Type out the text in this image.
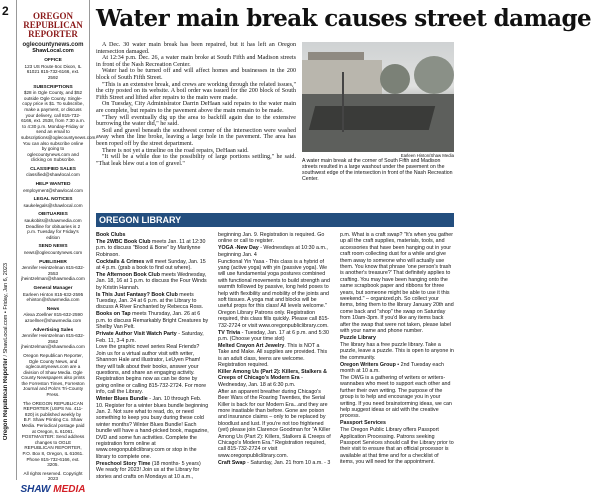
2
Oregon Republican Reporter / ShawLocal.com • Friday, Jan 6, 2023
OREGON REPUBLICAN REPORTER
oglecountynews.com
ShawLocal.com
OFFICE
123 US Route 6oc Dixon, IL 61021 815-732-6166, ext. 2592
SUBSCRIPTIONS
$28 in Ogle County, and $52 outside Ogle County. Single-copy price is $1. To subscribe, make a payment, or discuss your delivery, call 815-732-6166, ext. 2538, from 7:30 a.m. to 4:30 p.m. Monday-Friday or send an email to subscriptions@oglecountynews.com. You can also subscribe online by going to oglecountynews.com and clicking on Subscribe.
CLASSIFIED SALES
classified@shawlocal.com
HELP WANTED
employment@shawlocal.com
LEGAL NOTICES
saukelegals@shawlocal.com
OBITUARIES
saukobits@shawmedia.com Deadline for obituaries is 2 p.m. Tuesday for Friday's edition
SEND NEWS
news@oglecountynews.com
PUBLISHER
Jennifer Heintzelman 815-632-2553 jheintzelman@shawmedia.com
General Manager
Earleen Hinton 815-632-2595 ehinton@shawmedia.com
News
Alexa Zoellner 815-632-2590 azoellner@shawmedia.com
Advertising Sales
Jennifer Heintzelman 815-632-2562 jheintzelman@shawmedia.com
Oregon Republican Reporter, Ogle County News, and oglecountynews.com are a division of Shaw Media. Ogle County Newspapers also prints the Forreston Times, Forreston Journal and Polo's Tri-County Press.
The OREGON REPUBLICAN REPORTER (USPS No. 411-820) is published weekly by B.F. Shaw Printing Co. Shaw Media. Periodical postage paid at Oregon, IL 61061. POSTMASTER: Send address changes to OGLE REPUBLICAN REPORTER, P.O. Box 8, Oregon, IL 61061. Phone 815-732-6166, ext. 3205.
All rights reserved. Copyright 2023
SHAW MEDIA
Water main break causes street damage

A Dec. 30 water main break has been repaired, but it has left an Oregon intersection damaged.

At 12:34 p.m. Dec. 26, a water main broke at South Fifth and Madison streets in front of the Nash Recreation Center.

Water had to be turned off and will affect homes and businesses in the 200 block of South Fifth Street.

"This is an extensive break, and crews are working through the related issues," the city posted on its website. A boil order was issued for the 200 block of South Fifth Street and lifted after repairs to the main were made.

On Tuesday, City Administrator Darrin DeHaan said repairs to the water main are complete, but repairs to the pavement above the main remain to be made.

"They will eventually dig up the area to backfill again due to the extensive burrowing the water did," he said.

Soil and gravel beneath the southwest corner of the intersection were washed away when the line broke, leaving a large hole in the pavement. The area has been roped off by the street department.

There is not yet a timeline on the road repairs, DeHaan said.

"It will be a while due to the possibility of large portions settling," he said. "That leak blew out a ton of gravel."

Earleen Hinton/Shaw Media
A water main break at the corner of South Fifth and Madison streets resulted in a large washout under the pavement on the southwest edge of the intersection in front of the Nash Recreation Center.
OREGON LIBRARY

Book Clubs

The 2WBC Book Club meets Jan. 11 at 12:30 p.m. to discuss "Blood & Bone" by Marilynne Robinson.

Cocktails & Crimes will meet Sunday, Jan. 15 at 4 p.m. (grab a book to find out where).

The Afternoon Book Club meets Wednesday, Jan. 18, 16 at 1 p.m. to discuss the Four Winds by Kristin Hannah.

Is This Just Fantasy? Book Club meets Tuesday, Jan. 24 at 6 p.m. at the Library to discuss A River Enchanted by Rebecca Ross.

Books on Tap meets Thursday, Jan. 26 at 6 p.m. to discuss Remarkably Bright Creatures by Shelby Van Pelt.

Private Author Visit Watch Party - Saturday, Feb. 11, 3-4 p.m.

Love the graphic novel series Real Friends? Join us for a virtual author visit with writer, Shannon Hale and illustrator, LeUyen Pham! they will talk about their books, answer your questions, and share an engaging activity. Registration begins now as can be done by going online or calling 815-732-2724. For more info, call the Library.

Winter Blues Bundle - Jan. 10 through Feb. 10. Register for a winter blues bundle beginning Jan. 2. Not sure what to read, do, or need something to keep you busy during these cold winter months? Winter Blues Bundle! Each bundle will have a hand-picked book, magazine, DVD and some fun activities. Complete the registration form online at www.oregonpubliclibrary.com or stop in the library to complete one.

Preschool Story Time (18 months- 5 years) We ready for 2023! Join us at the Library for stories and crafts on Mondays at 10 a.m.,

beginning Jan. 9. Registration is required. Go online or call to register.

YOGA -New Day - Wednesdays at 10:30 a.m., beginning Jan. 4

Functional Yin Yasa - This class is a hybrid of yang (active yoga) with yin (passive yoga). We will use fundamental yoga postures combined with functional movements to build strength and warmth followed by passive, long held poses to help with flexibility and mobility of the joints and soft tissues. A yoga mat and blocks will be useful props for this class! All levels welcome." Oregon Library Patrons only. Registration required, this class fills quickly. Please call 815-732-2724 or visit www.oregonpubliclibrary.com.

TV Trivia - Tuesday, Jan. 17 at 6 p.m. and 5:30 p.m. (Choose your time slot)

Melted Crayon Art Jewelry. This is NOT a Take and Make. All supplies are provided. This is an adult class, teens are welcome. Registration required.

Killer Among Us (Part 2): Killers, Stalkers & Creeps of Chicago's Modern Era - Wednesday, Jan. 18 at 6:30 p.m.

After an apparent breather during Chicago's Beer Wars of the Roaring Twenties, the Serial Killer is back for our Modern Era...and they are more insatiable than before. Gone are poison and insurance claims – only to be replaced by bloodlust and lust. If you're not too frightened (yet) please join Clarence Goodman for "A Killer Among Us (Part 2): Killers, Stalkers & Creeps of Chicago's Modern Era." Registration required, call 815-732-2724 or visit www.oregonpubliclibrary.com.

Craft Swap - Saturday, Jan. 21 from 10 a.m. - 3

p.m. What is a craft swap? "It's when you gather up all the craft supplies, materials, tools, and accessories that have been hanging out in your craft room collecting dust for a while and give them away to someone who will actually use them. You know that phrase 'one person's trash is another's treasure?' That definitely applies to crafting. You may have been hanging onto the same scrapbook paper and ribbons for three years, but someone might be able to use it this weekend." – organized.ph. So collect your items, bring them to the library January 20th and come back and "shop" the swap on Saturday from 10am-3pm. If you'd like any items back after the swap that were not taken, please label with your name and phone number.

Puzzle Library

The library has a free puzzle library. Take a puzzle, leave a puzzle. This is open to anyone in the community.

Oregon Writers Group • 2nd Tuesday each month at 10 a.m.

The OWG is a gathering of writers or writers-wannabes who meet to support each other and further their own writing. The purpose of the group is to help and encourage you in your writing. If you need brainstorming ideas, we can help suggest ideas or aid with the creative process.

Passport Services

The Oregon Public Library offers Passport Application Processing. Patrons seeking Passport Services should call the Library prior to their visit to ensure that an official processor is available at that time and for a checklist of items, you will need for the appointment.
